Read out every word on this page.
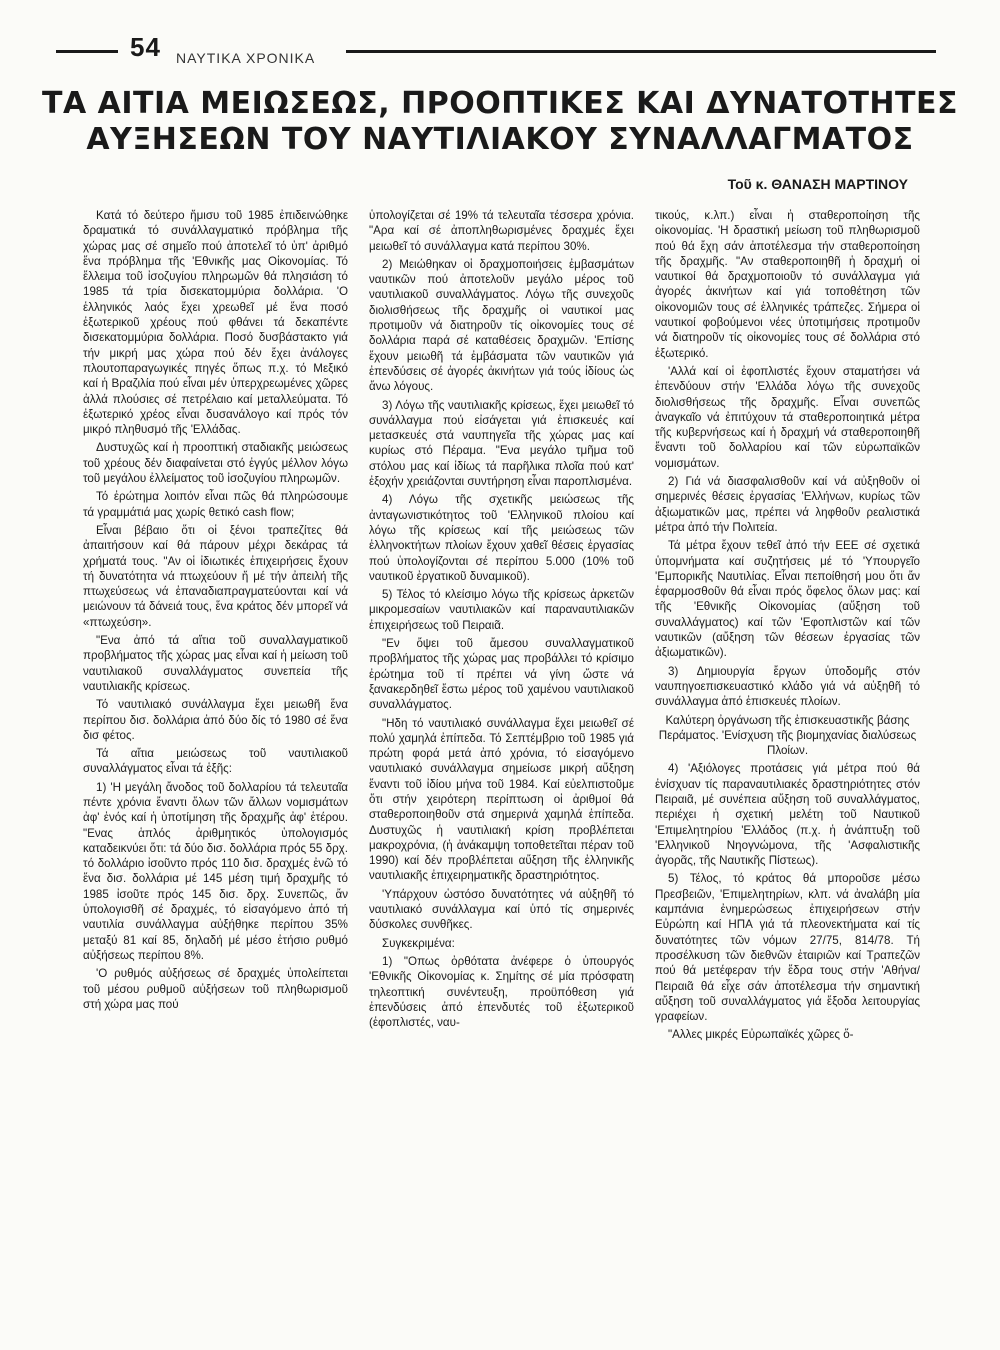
54 ΝΑΥΤΙΚΑ ΧΡΟΝΙΚΑ
ΤΑ ΑΙΤΙΑ ΜΕΙΩΣΕΩΣ, ΠΡΟΟΠΤΙΚΕΣ ΚΑΙ ΔΥΝΑΤΟΤΗΤΕΣ
ΑΥΞΗΣΕΩΝ ΤΟΥ ΝΑΥΤΙΛΙΑΚΟΥ ΣΥΝΑΛΛΑΓΜΑΤΟΣ
Τοῦ κ. ΘΑΝΑΣΗ ΜΑΡΤΙΝΟΥ

Κατά τό δεύτερο ἥμισυ τοῦ 1985 ἐπιδεινώθηκε δραματικά τό συνάλλαγματικό πρόβλημα τῆς χώρας μας σέ σημεῖο πού ἀποτελεῖ τό ὑπ' ἀριθμό ἕνα πρόβλημα τῆς 'Εθνικῆς μας Οἰκονομίας. Τό ἔλλειμα τοῦ ἰσοζυγίου πληρωμῶν θά πλησιάση τό 1985 τά τρία δισεκατομμύρια δολλάρια. 'Ο ἑλληνικός λαός ἔχει χρεωθεῖ μέ ἕνα ποσό ἐξωτερικοῦ χρέους πού φθάνει τά δεκαπέντε δισεκατομμύρια δολλάρια. Ποσό δυσβάστακτο γιά τήν μικρή μας χώρα πού δέν ἔχει ἀνάλογες πλουτοπαραγωγικές πηγές ὅπως π.χ. τό Μεξικό καί ἡ Βραζιλία πού εἶναι μέν ὑπερχρεωμένες χῶρες ἀλλά πλούσιες σέ πετρέλαιο καί μεταλλεύματα. Τό ἐξωτερικό χρέος εἶναι δυσανάλογο καί πρός τόν μικρό πληθυσμό τῆς 'Ελλάδας.

Δυστυχῶς καί ἡ προοπτική σταδιακῆς μειώσεως τοῦ χρέους δέν διαφαίνεται στό ἐγγύς μέλλον λόγω τοῦ μεγάλου ἐλλείματος τοῦ ἰσοζυγίου πληρωμῶν.

Τό ἐρώτημα λοιπόν εἶναι πῶς θά πληρώσουμε τά γραμμάτιά μας χωρίς θετικό cash flow;

Εἶναι βέβαιο ὅτι οἱ ξένοι τραπεζίτες θά ἀπαιτήσουν καί θά πάρουν μέχρι δεκάρας τά χρήματά τους. "Αν οἱ ἰδιωτικές ἐπιχειρήσεις ἔχουν τή δυνατότητα νά πτωχεύουν ἤ μέ τήν ἀπειλή τῆς πτωχεύσεως νά ἐπαναδιαπραγματεύονται καί νά μειώνουν τά δάνειά τους, ἕνα κράτος δέν μπορεῖ νά «πτωχεύση».

"Ενα ἀπό τά αἴτια τοῦ συναλλαγματικοῦ προβλήματος τῆς χώρας μας εἶναι καί ἡ μείωση τοῦ ναυτιλιακοῦ συναλλάγματος συνεπεία τῆς ναυτιλιακῆς κρίσεως.

Τό ναυτιλιακό συνάλλαγμα ἔχει μειωθῆ ἕνα περίπου δισ. δολλάρια ἀπό δύο δίς τό 1980 σέ ἕνα δισ φέτος.

Τά αἴτια μειώσεως τοῦ ναυτιλιακοῦ συναλλάγματος εἶναι τά ἑξῆς:

1) 'Η μεγάλη ἄνοδος τοῦ δολλαρίου τά τελευταῖα πέντε χρόνια ἔναντι ὅλων τῶν ἄλλων νομισμάτων ἀφ' ἑνός καί ἡ ὑποτίμηση τῆς δραχμῆς ἀφ' ἑτέρου. "Ενας ἁπλός ἀριθμητικός ὑπολογισμός καταδεικνύει ὅτι: τά δύο δισ. δολλάρια πρός 55 δρχ. τό δολλάριο ἰσοῦντο πρός 110 δισ. δραχμές ἐνῶ τό ἕνα δισ. δολλάρια μέ 145 μέση τιμή δραχμῆς τό 1985 ἰσοῦτε πρός 145 δισ. δρχ. Συνεπῶς, ἄν ὑπολογισθῆ σέ δραχμές, τό εἰσαγόμενο ἀπό τή ναυτιλία συνάλλαγμα αὐξήθηκε περίπου 35% μεταξύ 81 καί 85, δηλαδή μέ μέσο ἐτήσιο ρυθμό αὐξήσεως περίπου 8%.

'Ο ρυθμός αὐξήσεως σέ δραχμές ὑπολείπεται τοῦ μέσου ρυθμοῦ αὐξήσεων τοῦ πληθωρισμοῦ στή χώρα μας πού

ὑπολογίζεται σέ 19% τά τελευταῖα τέσσερα χρόνια. "Αρα καί σέ ἀποπληθωρισμένες δραχμές ἔχει μειωθεῖ τό συνάλλαγμα κατά περίπου 30%.

2) Μειώθηκαν οἱ δραχμοποιήσεις ἐμβασμάτων ναυτικῶν πού ἀποτελοῦν μεγάλο μέρος τοῦ ναυτιλιακοῦ συναλλάγματος. Λόγω τῆς συνεχοῦς διολισθήσεως τῆς δραχμῆς οἱ ναυτικοί μας προτιμοῦν νά διατηροῦν τίς οἰκονομίες τους σέ δολλάρια παρά σέ καταθέσεις δραχμῶν. 'Επίσης ἔχουν μειωθῆ τά ἐμβάσματα τῶν ναυτικῶν γιά ἐπενδύσεις σέ ἀγορές ἀκινήτων γιά τούς ἰδίους ὡς ἄνω λόγους.

3) Λόγω τῆς ναυτιλιακῆς κρίσεως, ἔχει μειωθεῖ τό συνάλλαγμα πού εἰσάγεται γιά ἐπισκευές καί μετασκευές στά ναυπηγεῖα τῆς χώρας μας καί κυρίως στό Πέραμα. "Ενα μεγάλο τμῆμα τοῦ στόλου μας καί ἰδίως τά παρῆλικα πλοῖα πού κατ' ἐξοχήν χρειάζονται συντήρηση εἶναι παροπλισμένα.

4) Λόγω τῆς σχετικῆς μειώσεως τῆς ἀνταγωνιστικότητος τοῦ 'Ελληνικοῦ πλοίου καί λόγω τῆς κρίσεως καί τῆς μειώσεως τῶν ἑλληνοκτήτων πλοίων ἔχουν χαθεῖ θέσεις ἐργασίας πού ὑπολογίζονται σέ περίπου 5.000 (10% τοῦ ναυτικοῦ ἐργατικοῦ δυναμικοῦ).

5) Τέλος τό κλείσιμο λόγω τῆς κρίσεως ἀρκετῶν μικρομεσαίων ναυτιλιακῶν καί παραναυτιλιακῶν ἐπιχειρήσεως τοῦ Πειραιᾶ.

"Εν ὄψει τοῦ ἄμεσου συναλλαγματικοῦ προβλήματος τῆς χώρας μας προβάλλει τό κρίσιμο ἐρώτημα τοῦ τί πρέπει νά γίνη ὥστε νά ξανακερδηθεῖ ἔστω μέρος τοῦ χαμένου ναυτιλιακοῦ συναλλάγματος.

"Ηδη τό ναυτιλιακό συνάλλαγμα ἔχει μειωθεῖ σέ πολύ χαμηλά ἐπίπεδα. Τό Σεπτέμβριο τοῦ 1985 γιά πρώτη φορά μετά ἀπό χρόνια, τό εἰσαγόμενο ναυτιλιακό συνάλλαγμα σημείωσε μικρή αὔξηση ἔναντι τοῦ ἰδίου μήνα τοῦ 1984. Καί εὐελπιστοῦμε ὅτι στήν χειρότερη περίπτωση οἱ ἀριθμοί θά σταθεροποιηθοῦν στά σημερινά χαμηλά ἐπίπεδα. Δυστυχῶς ἡ ναυτιλιακή κρίση προβλέπεται μακροχρόνια, (ἡ ἀνάκαμψη τοποθετεῖται πέραν τοῦ 1990) καί δέν προβλέπεται αὔξηση τῆς ἑλληνικῆς ναυτιλιακῆς ἐπιχειρηματικῆς δραστηριότητος.

'Υπάρχουν ὡστόσο δυνατότητες νά αὐξηθῆ τό ναυτιλιακό συνάλλαγμα καί ὑπό τίς σημερινές δύσκολες συνθῆκες.

Συγκεκριμένα:

1) "Οπως ὀρθότατα ἀνέφερε ὁ ὑπουργός 'Εθνικῆς Οἰκονομίας κ. Σημίτης σέ μία πρόσφατη τηλεοπτική συνέντευξη, προϋπόθεση γιά ἐπενδύσεις ἀπό ἐπενδυτές τοῦ ἐξωτερικοῦ (ἐφοπλιστές, ναυ-

τικούς, κ.λπ.) εἶναι ἡ σταθεροποίηση τῆς οἰκονομίας. 'Η δραστική μείωση τοῦ πληθωρισμοῦ πού θά ἔχη σάν ἀποτέλεσμα τήν σταθεροποίηση τῆς δραχμῆς. "Αν σταθεροποιηθῆ ἡ δραχμή οἱ ναυτικοί θά δραχμοποιοῦν τό συνάλλαγμα γιά ἀγορές ἀκινήτων καί γιά τοποθέτηση τῶν οἰκονομιῶν τους σέ ἑλληνικές τράπεζες. Σήμερα οἱ ναυτικοί φοβούμενοι νέες ὑποτιμήσεις προτιμοῦν νά διατηροῦν τίς οἰκονομίες τους σέ δολλάρια στό ἐξωτερικό.

'Αλλά καί οἱ ἐφοπλιστές ἔχουν σταματήσει νά ἐπενδύουν στήν 'Ελλάδα λόγω τῆς συνεχοῦς διολισθήσεως τῆς δραχμῆς. Εἶναι συνεπῶς ἀναγκαῖο νά ἐπιτύχουν τά σταθεροποιητικά μέτρα τῆς κυβερνήσεως καί ἡ δραχμή νά σταθεροποιηθῆ ἔναντι τοῦ δολλαρίου καί τῶν εὐρωπαϊκῶν νομισμάτων.

2) Γιά νά διασφαλισθοῦν καί νά αὐξηθοῦν οἱ σημερινές θέσεις ἐργασίας 'Ελλήνων, κυρίως τῶν ἀξιωματικῶν μας, πρέπει νά ληφθοῦν ρεαλιστικά μέτρα ἀπό τήν Πολιτεία.

Τά μέτρα ἔχουν τεθεῖ ἀπό τήν ΕΕΕ σέ σχετικά ὑπομνήματα καί συζητήσεις μέ τό 'Υπουργεῖο 'Εμπορικῆς Ναυτιλίας. Εἶναι πεποίθησή μου ὅτι ἄν ἐφαρμοσθοῦν θά εἶναι πρός ὄφελος ὅλων μας: καί τῆς 'Εθνικῆς Οἰκονομίας (αὔξηση τοῦ συναλλάγματος) καί τῶν 'Εφοπλιστῶν καί τῶν ναυτικῶν (αὔξηση τῶν θέσεων ἐργασίας τῶν ἀξιωματικῶν).

3) Δημιουργία ἔργων ὑποδομῆς στόν ναυπηγοεπισκευαστικό κλάδο γιά νά αὐξηθῆ τό συνάλλαγμα ἀπό ἐπισκευές πλοίων.

Καλύτερη ὀργάνωση τῆς ἐπισκευαστικῆς βάσης Περάματος. 'Ενίσχυση τῆς βιομηχανίας διαλύσεως Πλοίων.

4) 'Αξιόλογες προτάσεις γιά μέτρα πού θά ἐνίσχυαν τίς παραναυτιλιακές δραστηριότητες στόν Πειραιᾶ, μέ συνέπεια αὔξηση τοῦ συναλλάγματος, περιέχει ἡ σχετική μελέτη τοῦ Ναυτικοῦ 'Επιμελητηρίου 'Ελλάδος (π.χ. ἡ ἀνάπτυξη τοῦ 'Ελληνικοῦ Νηογνώμονα, τῆς 'Ασφαλιστικῆς ἀγορᾶς, τῆς Ναυτικῆς Πίστεως).

5) Τέλος, τό κράτος θά μποροῦσε μέσω Πρεσβειῶν, 'Επιμελητηρίων, κλπ. νά ἀναλάβη μία καμπάνια ἐνημερώσεως ἐπιχειρήσεων στήν Εὐρώπη καί ΗΠΑ γιά τά πλεονεκτήματα καί τίς δυνατότητες τῶν νόμων 27/75, 814/78. Τή προσέλκυση τῶν διεθνῶν ἑταιριῶν καί Τραπεζῶν πού θά μετέφεραν τήν ἕδρα τους στήν 'Αθήνα/ Πειραιᾶ θά εἶχε σάν ἀποτέλεσμα τήν σημαντική αὔξηση τοῦ συναλλάγματος γιά ἔξοδα λειτουργίας γραφείων.

"Αλλες μικρές Εὐρωπαϊκές χῶρες ὅ-
